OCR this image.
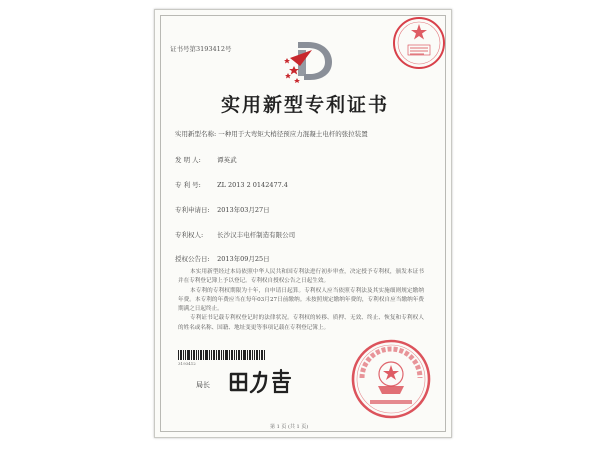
证书号第3193412号
实用新型专利证书
实用新型名称: 一种用于大弯矩大梢径预应力混凝土电杆的张拉装置
发 明 人:	谭英武
专 利 号:	ZL 2013 2 0142477.4
专利申请日: 2013年03月27日
专利权人: 长沙汉丰电杆制造有限公司
授权公告日: 2013年09月25日

本实用新型经过本局依照中华人民共和国专利法进行初步审查，决定授予专利权，颁发本证书并在专利登记簿上予以登记。专利权自授权公告之日起生效。

本专利的专利权期限为十年，自申请日起算。专利权人应当依照专利法及其实施细则规定缴纳年费。本专利的年费应当在每年03月27日前缴纳。未按照规定缴纳年费的，专利权自应当缴纳年费期满之日起终止。

专利证书记载专利权登记时的法律状况。专利权的转移、质押、无效、终止、恢复和专利权人的姓名或名称、国籍、地址变更等事项记载在专利登记簿上。

3193412
局长
第 1 页 (共 1 页)
